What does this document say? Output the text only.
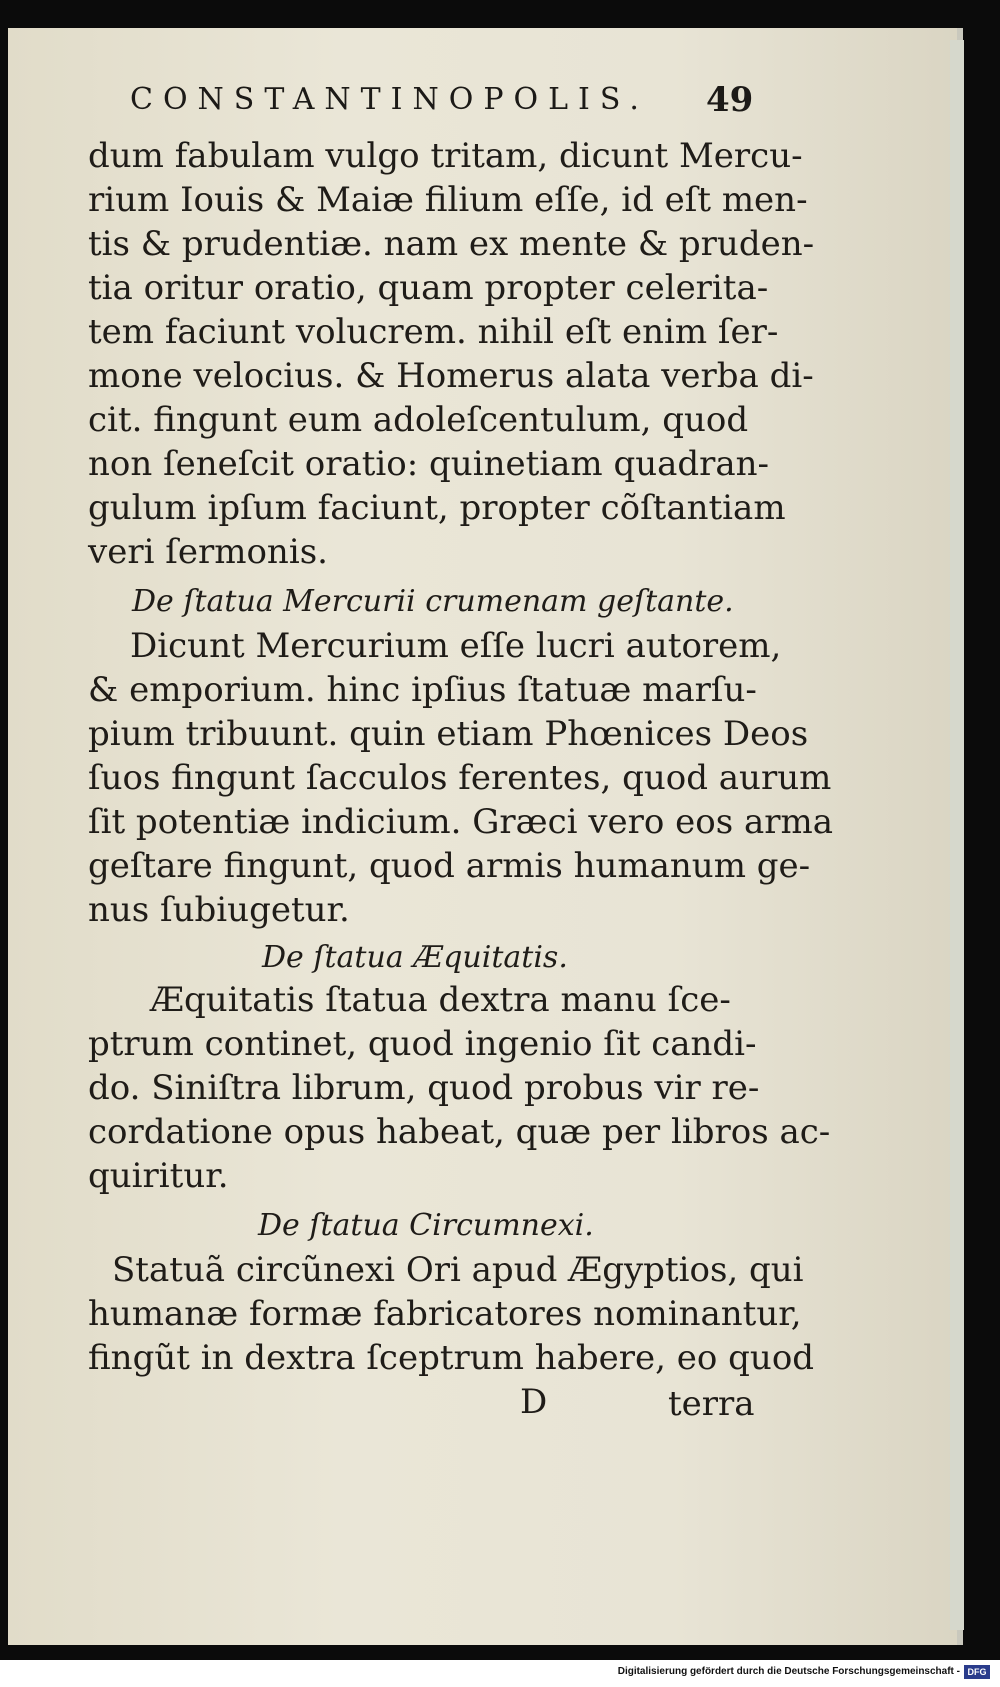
CONSTANTINOPOLIS.	49
dum fabulam vulgo tritam, dicunt Mercu-
rium Iouis & Maiæ filium eſſe, id eſt men-
tis & prudentiæ. nam ex mente & pruden-
tia oritur oratio, quam propter celerita-
tem faciunt volucrem. nihil eſt enim ſer-
mone velocius. & Homerus alata verba di-
cit. fingunt eum adoleſcentulum, quod
non ſeneſcit oratio: quinetiam quadran-
gulum ipſum faciunt, propter cõſtantiam
veri ſermonis.
De ſtatua Mercurii crumenam geſtante.
Dicunt Mercurium eſſe lucri autorem,
& emporium. hinc ipſius ſtatuæ marſu-
pium tribuunt. quin etiam Phœnices Deos
ſuos fingunt ſacculos ferentes, quod aurum
ſit potentiæ indicium. Græci vero eos arma
geſtare fingunt, quod armis humanum ge-
nus ſubiugetur.
De ſtatua Æquitatis.
Æquitatis ſtatua dextra manu ſce-
ptrum continet, quod ingenio ſit candi-
do. Siniſtra librum, quod probus vir re-
cordatione opus habeat, quæ per libros ac-
quiritur.
De ſtatua Circumnexi.
Statuã circũnexi Ori apud Ægyptios, qui
humanæ formæ fabricatores nominantur,
fingũt in dextra ſceptrum habere, eo quod
D	terra
Digitalisierung gefördert durch die Deutsche Forschungsgemeinschaft - DFG
